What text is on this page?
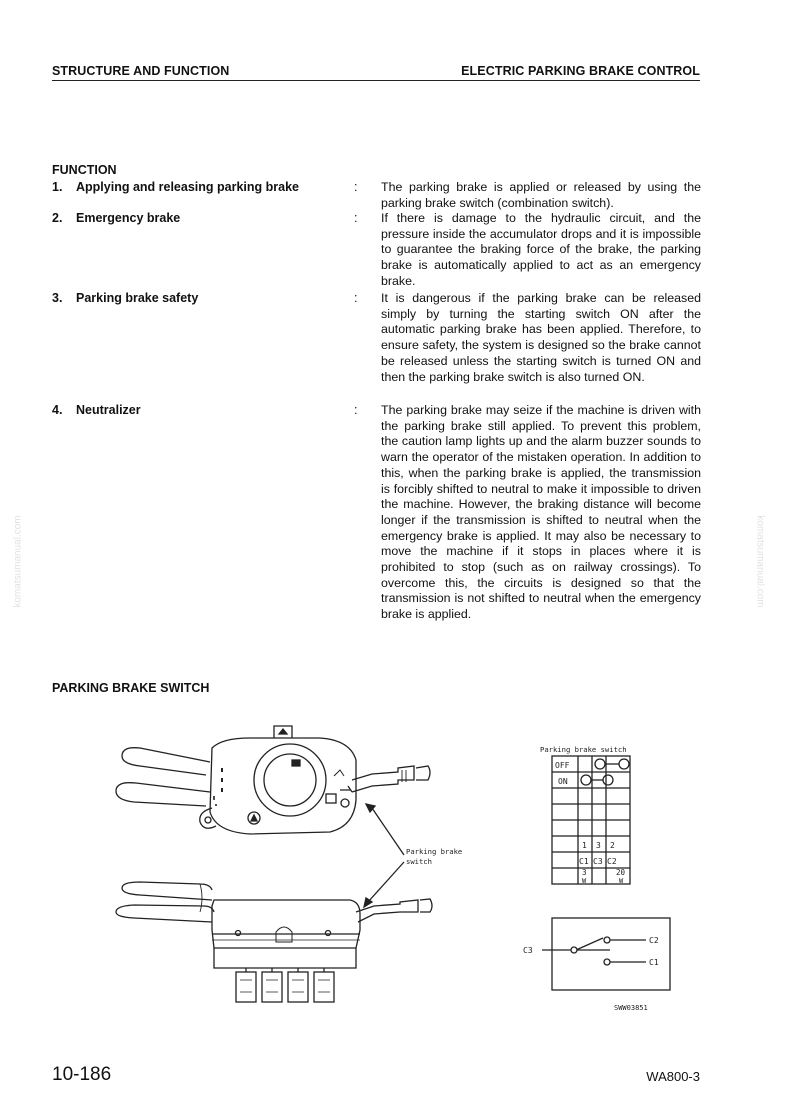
STRUCTURE AND FUNCTION	ELECTRIC PARKING BRAKE CONTROL
FUNCTION
1. Applying and releasing parking brake	: The parking brake is applied or released by using the parking brake switch (combination switch).

2. Emergency brake	: If there is damage to the hydraulic circuit, and the pressure inside the accumulator drops and it is impossible to guarantee the braking force of the brake, the parking brake is automatically applied to act as an emergency brake.

3. Parking brake safety	: It is dangerous if the parking brake can be released simply by turning the starting switch ON after the automatic parking brake has been applied. Therefore, to ensure safety, the system is designed so the brake cannot be released unless the starting switch is turned ON and then the parking brake switch is also turned ON.

4. Neutralizer	: The parking brake may seize if the machine is driven with the parking brake still applied. To prevent this problem, the caution lamp lights up and the alarm buzzer sounds to warn the operator of the mistaken operation. In addition to this, when the parking brake is applied, the transmission is forcibly shifted to neutral to make it impossible to driven the machine. However, the braking distance will become longer if the transmission is shifted to neutral when the emergency brake is applied. It may also be necessary to move the machine if it stops in places where it is prohibited to stop (such as on railway crossings). To overcome this, the circuits is designed so that the transmission is not shifted to neutral when the emergency brake is applied.

PARKING BRAKE SWITCH
Parking brake
switch
Parking brake switch
OFF
ON
1 3 2
C1 C3 C2
3
W
20
W
C3
C2
C1
SWW03851
10-186	WA800-3
komatsumanual.com	komatsumanual.com
